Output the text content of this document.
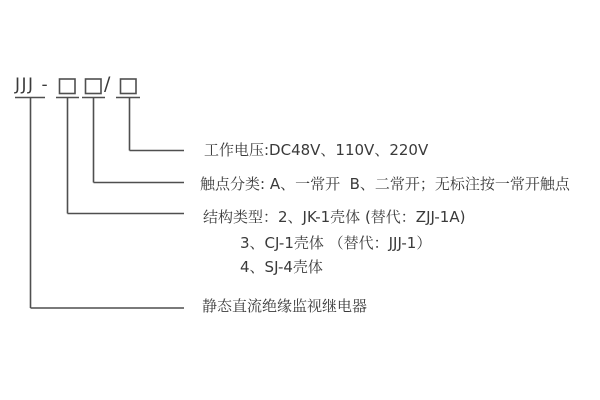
JJJ -	/
工作电压:DC48V、110V、220V
触点分类: A、一常开  B、二常开；无标注按一常开触点
结构类型：2、JK-1壳体 (替代：ZJJ-1A)
3、CJ-1壳体 （替代：JJJ-1）
4、SJ-4壳体
静态直流绝缘监视继电器
